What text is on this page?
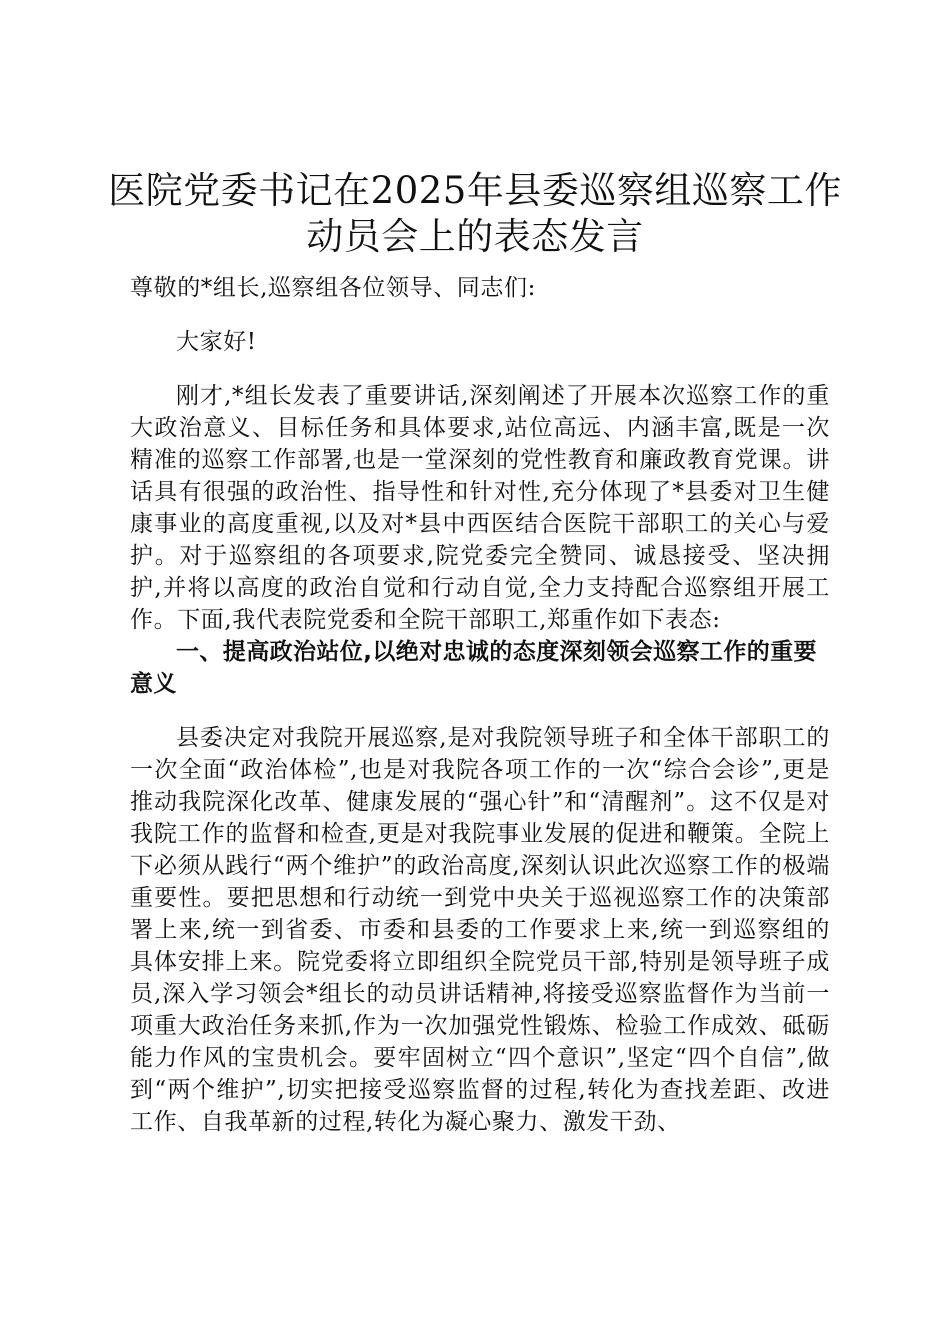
医院党委书记在2025年县委巡察组巡察工作
动员会上的表态发言

尊敬的*组长,巡察组各位领导、同志们:

大家好!

刚才,*组长发表了重要讲话,深刻阐述了开展本次巡察工作的重大政治意义、目标任务和具体要求,站位高远、内涵丰富,既是一次精准的巡察工作部署,也是一堂深刻的党性教育和廉政教育党课。讲话具有很强的政治性、指导性和针对性,充分体现了*县委对卫生健康事业的高度重视,以及对*县中西医结合医院干部职工的关心与爱护。对于巡察组的各项要求,院党委完全赞同、诚恳接受、坚决拥护,并将以高度的政治自觉和行动自觉,全力支持配合巡察组开展工作。下面,我代表院党委和全院干部职工,郑重作如下表态:

一、提高政治站位,以绝对忠诚的态度深刻领会巡察工作的重要意义

县委决定对我院开展巡察,是对我院领导班子和全体干部职工的一次全面“政治体检”,也是对我院各项工作的一次“综合会诊”,更是推动我院深化改革、健康发展的“强心针”和“清醒剂”。这不仅是对我院工作的监督和检查,更是对我院事业发展的促进和鞭策。全院上下必须从践行“两个维护”的政治高度,深刻认识此次巡察工作的极端重要性。要把思想和行动统一到党中央关于巡视巡察工作的决策部署上来,统一到省委、市委和县委的工作要求上来,统一到巡察组的具体安排上来。院党委将立即组织全院党员干部,特别是领导班子成员,深入学习领会*组长的动员讲话精神,将接受巡察监督作为当前一项重大政治任务来抓,作为一次加强党性锻炼、检验工作成效、砥砺能力作风的宝贵机会。要牢固树立“四个意识”,坚定“四个自信”,做到“两个维护”,切实把接受巡察监督的过程,转化为查找差距、改进工作、自我革新的过程,转化为凝心聚力、激发干劲、
